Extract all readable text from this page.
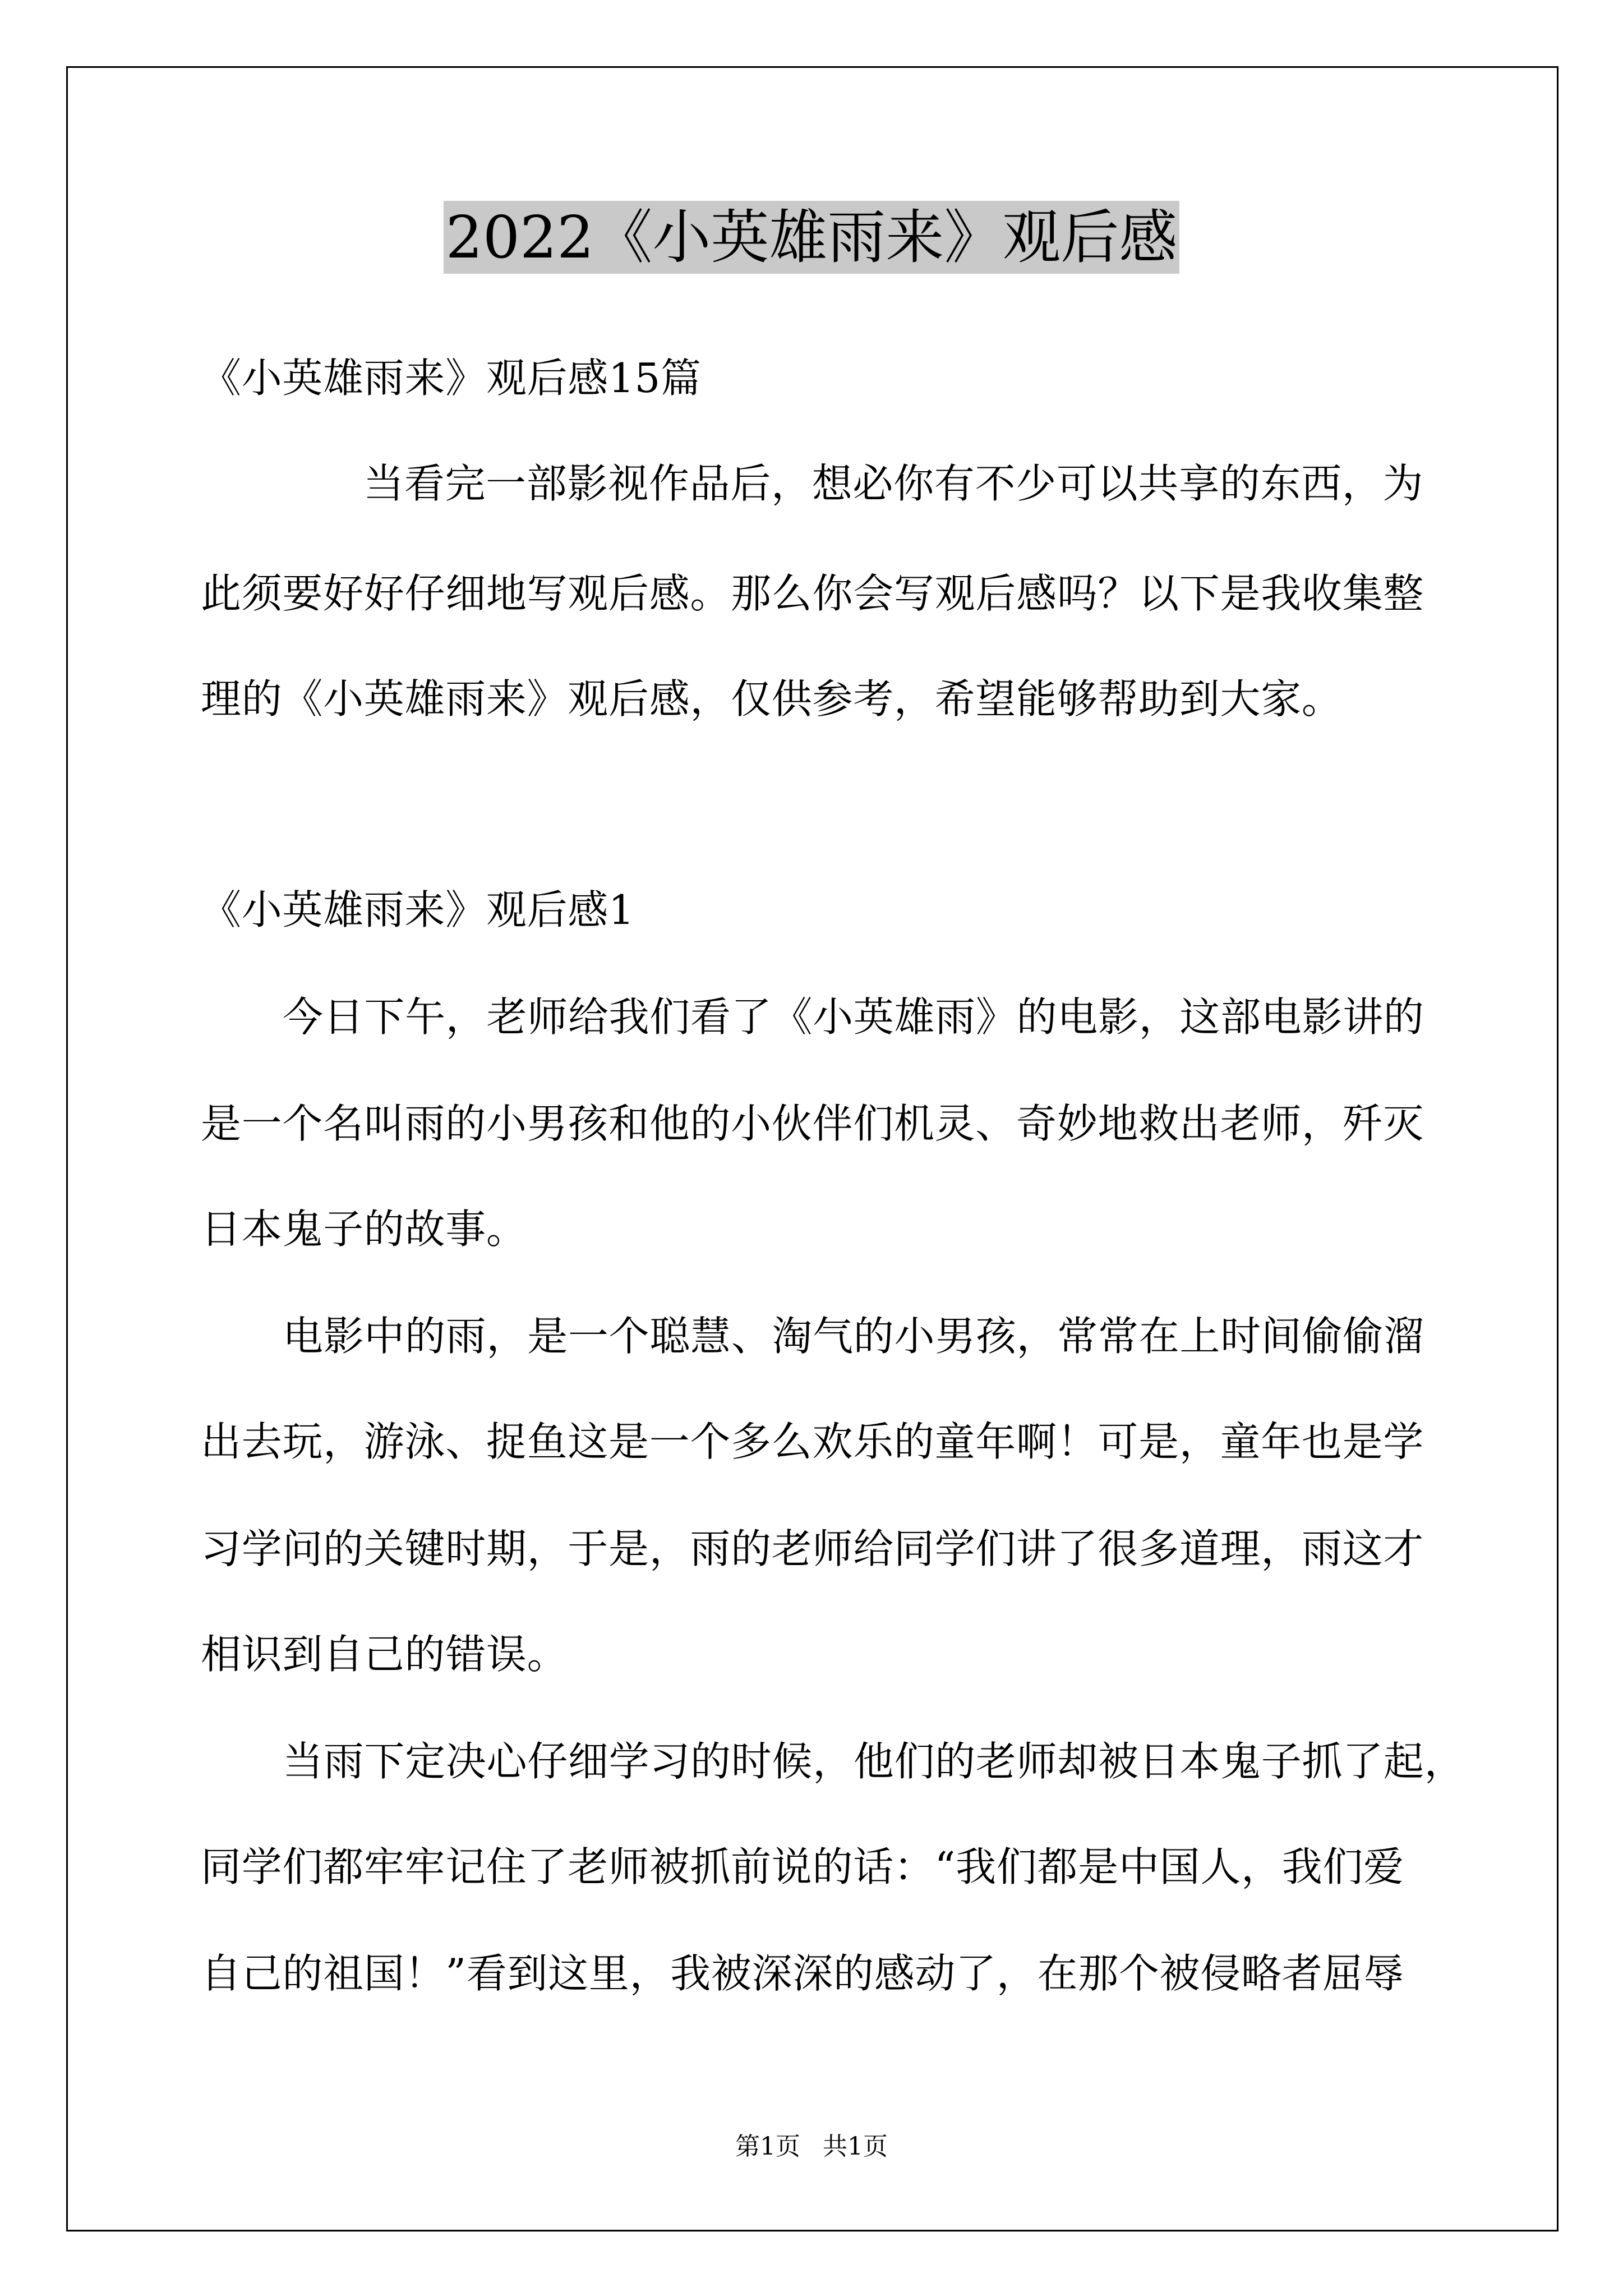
2022《小英雄雨来》观后感
《小英雄雨来》观后感15篇
当看完一部影视作品后，想必你有不少可以共享的东西，为
此须要好好仔细地写观后感。那么你会写观后感吗？以下是我收集整
理的《小英雄雨来》观后感，仅供参考，希望能够帮助到大家。
《小英雄雨来》观后感1
今日下午，老师给我们看了《小英雄雨》的电影，这部电影讲的
是一个名叫雨的小男孩和他的小伙伴们机灵、奇妙地救出老师，歼灭
日本鬼子的故事。
电影中的雨，是一个聪慧、淘气的小男孩，常常在上时间偷偷溜
出去玩，游泳、捉鱼这是一个多么欢乐的童年啊！可是，童年也是学
习学问的关键时期，于是，雨的老师给同学们讲了很多道理，雨这才
相识到自己的错误。
当雨下定决心仔细学习的时候，他们的老师却被日本鬼子抓了起，
同学们都牢牢记住了老师被抓前说的话：“我们都是中国人，我们爱
自己的祖国！”看到这里，我被深深的感动了，在那个被侵略者屈辱
第1页 共1页
